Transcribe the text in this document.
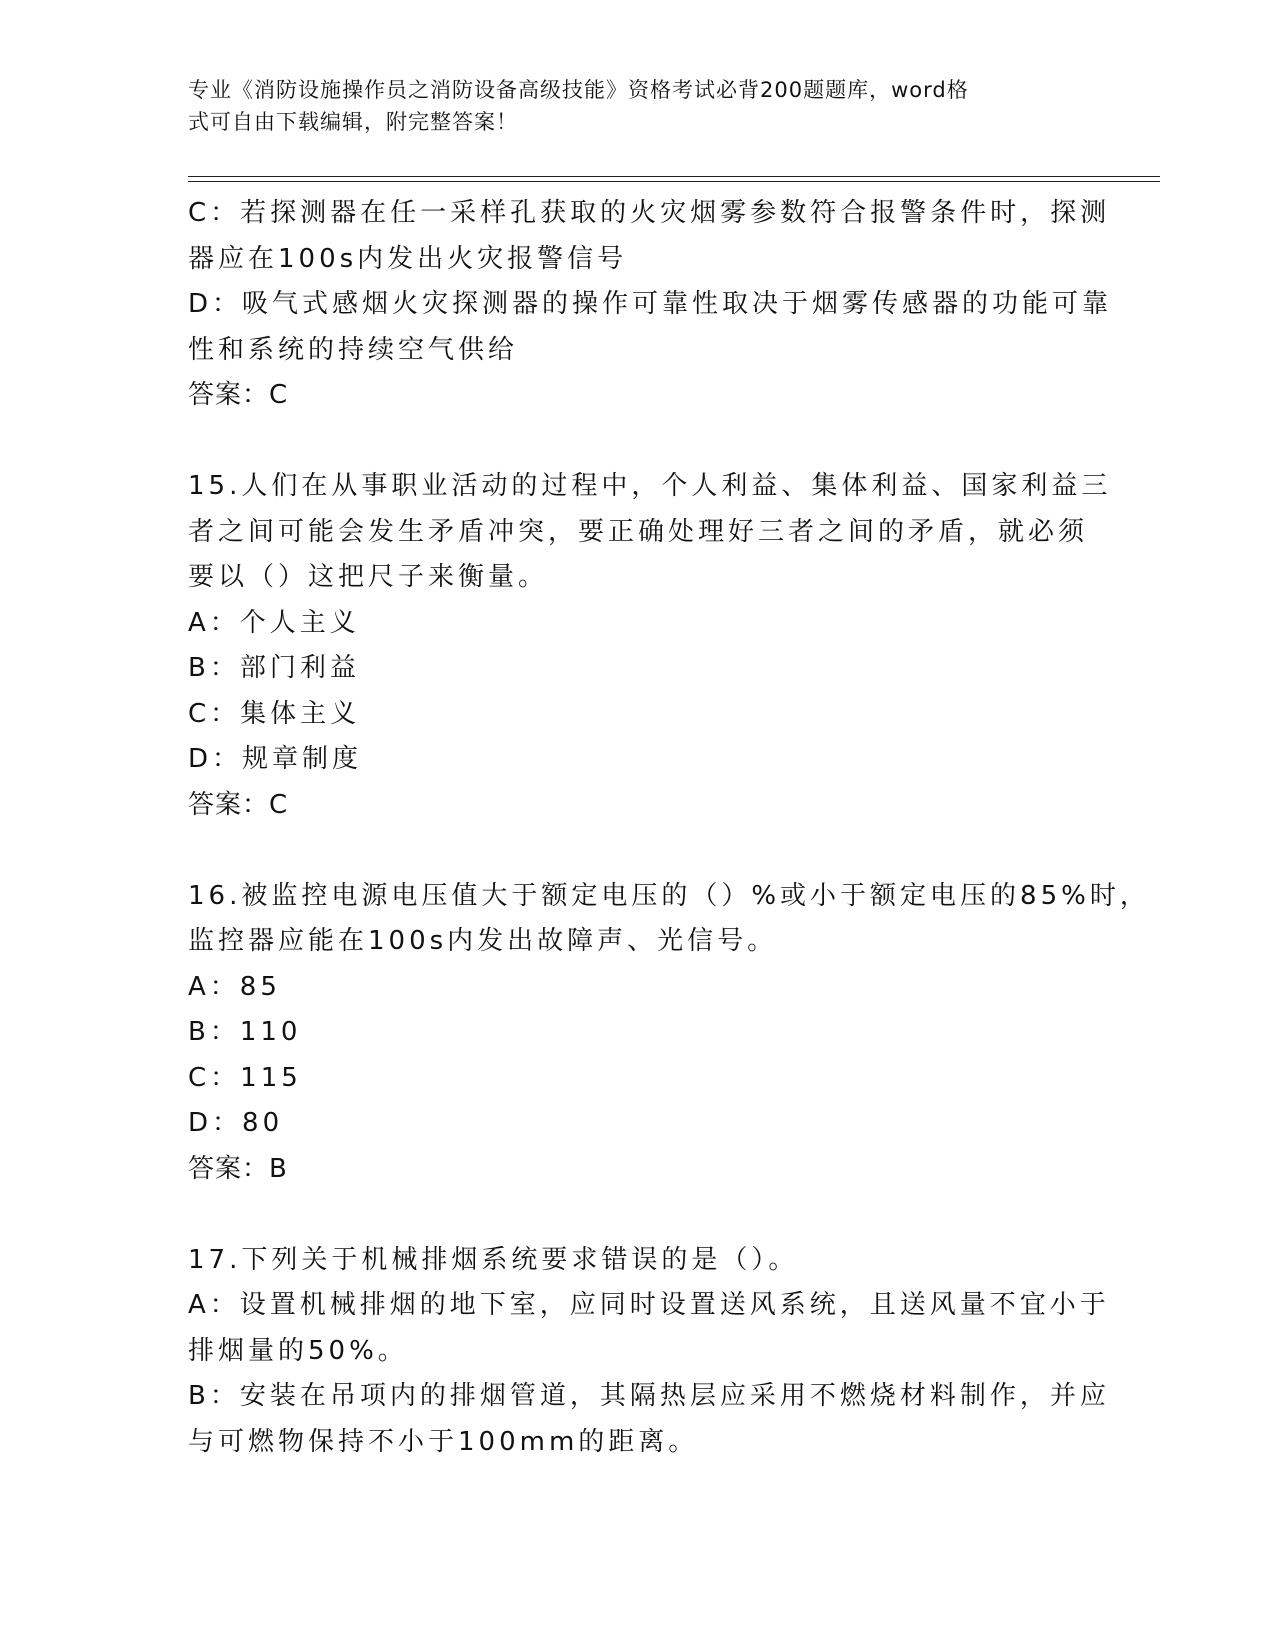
专业《消防设施操作员之消防设备高级技能》资格考试必背200题题库，word格
式可自由下载编辑，附完整答案！
C：若探测器在任一采样孔获取的火灾烟雾参数符合报警条件时，探测
器应在100s内发出火灾报警信号
D：吸气式感烟火灾探测器的操作可靠性取决于烟雾传感器的功能可靠
性和系统的持续空气供给
答案：C
15.人们在从事职业活动的过程中，个人利益、集体利益、国家利益三
者之间可能会发生矛盾冲突，要正确处理好三者之间的矛盾，就必须
要以（）这把尺子来衡量。
A：个人主义
B：部门利益
C：集体主义
D：规章制度
答案：C
16.被监控电源电压值大于额定电压的（）%或小于额定电压的85%时，
监控器应能在100s内发出故障声、光信号。
A：85
B：110
C：115
D：80
答案：B
17.下列关于机械排烟系统要求错误的是（）。
A：设置机械排烟的地下室，应同时设置送风系统，且送风量不宜小于
排烟量的50%。
B：安装在吊项内的排烟管道，其隔热层应采用不燃烧材料制作，并应
与可燃物保持不小于100mm的距离。
